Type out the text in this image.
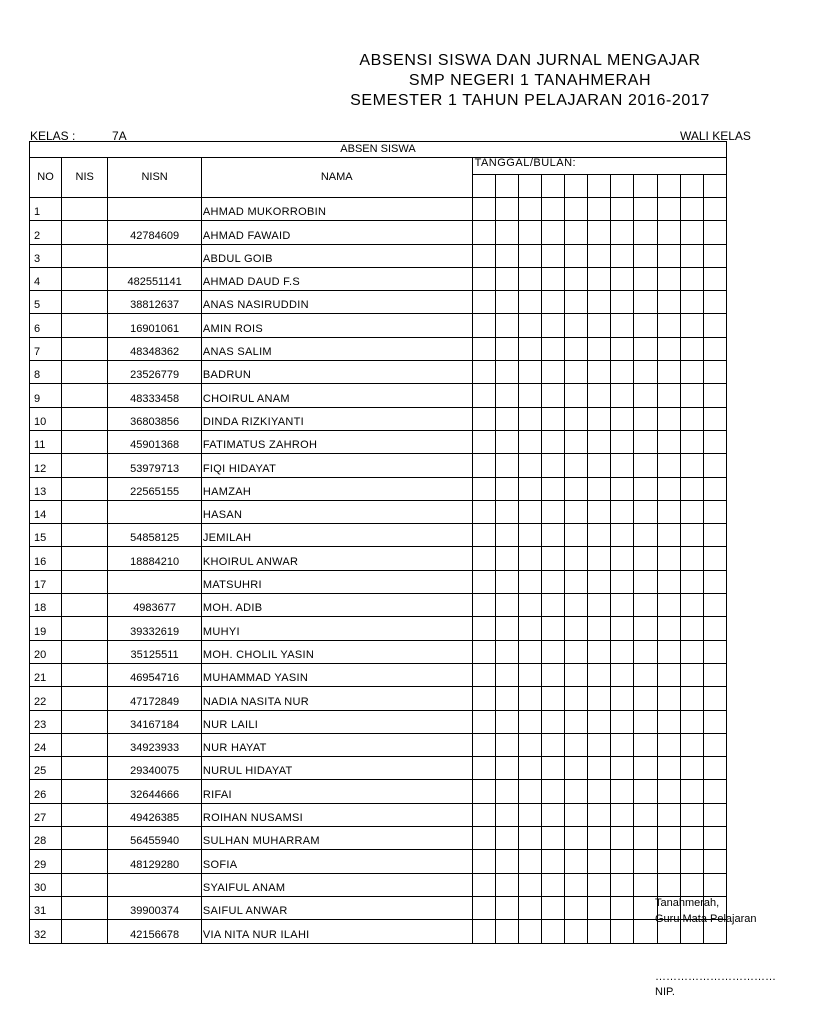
ABSENSI SISWA DAN JURNAL MENGAJAR
SMP NEGERI 1 TANAHMERAH
SEMESTER 1 TAHUN PELAJARAN 2016-2017
KELAS :	7A	WALI KELAS
ABSEN SISWA														
NO	NIS	NISN	NAMA	TANGGAL/BULAN:										

1			AHMAD MUKORROBIN											
2		42784609	AHMAD FAWAID											
3			ABDUL GOIB											
4		482551141	AHMAD DAUD F.S											
5		38812637	ANAS NASIRUDDIN											
6		16901061	AMIN ROIS											
7		48348362	ANAS SALIM											
8		23526779	BADRUN											
9		48333458	CHOIRUL ANAM											
10		36803856	DINDA RIZKIYANTI											
11		45901368	FATIMATUS ZAHROH											
12		53979713	FIQI HIDAYAT											
13		22565155	HAMZAH											
14			HASAN											
15		54858125	JEMILAH											
16		18884210	KHOIRUL ANWAR											
17			MATSUHRI											
18		4983677	MOH. ADIB											
19		39332619	MUHYI											
20		35125511	MOH. CHOLIL YASIN											
21		46954716	MUHAMMAD YASIN											
22		47172849	NADIA NASITA NUR											
23		34167184	NUR LAILI											
24		34923933	NUR HAYAT											
25		29340075	NURUL HIDAYAT											
26		32644666	RIFAI											
27		49426385	ROIHAN NUSAMSI											
28		56455940	SULHAN MUHARRAM											
29		48129280	SOFIA											
30			SYAIFUL ANAM											
31		39900374	SAIFUL ANWAR											
32		42156678	VIA NITA NUR ILAHI											
Tanahmerah,
Guru Mata Pelajaran
……………………………
NIP.
